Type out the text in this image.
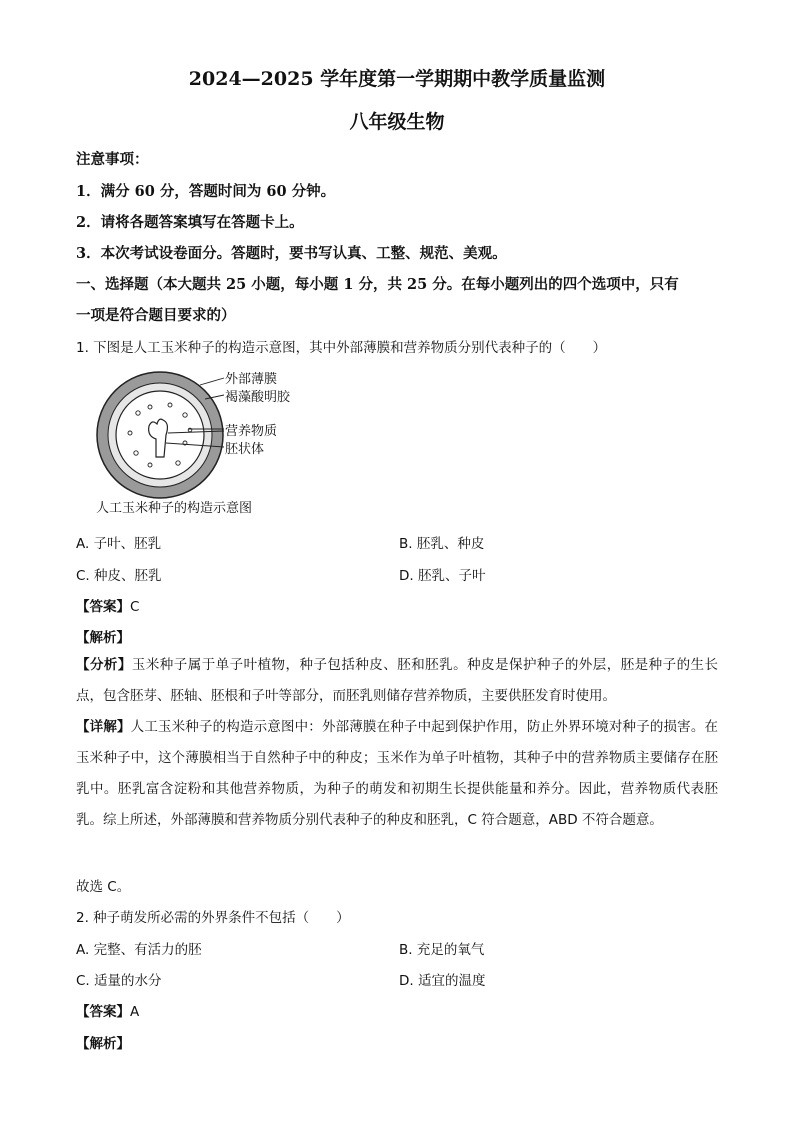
2024—2025 学年度第一学期期中教学质量监测
八年级生物
注意事项：
1．满分 60 分，答题时间为 60 分钟。
2．请将各题答案填写在答题卡上。
3．本次考试设卷面分。答题时，要书写认真、工整、规范、美观。
一、选择题（本大题共 25 小题，每小题 1 分，共 25 分。在每小题列出的四个选项中，只有
一项是符合题目要求的）
1. 下图是人工玉米种子的构造示意图，其中外部薄膜和营养物质分别代表种子的（　　）
外部薄膜
褐藻酸明胶
营养物质
胚状体
人工玉米种子的构造示意图
A. 子叶、胚乳	B. 胚乳、种皮
C. 种皮、胚乳	D. 胚乳、子叶
【答案】C
【解析】
【分析】玉米种子属于单子叶植物，种子包括种皮、胚和胚乳。种皮是保护种子的外层，胚是种子的生长点，包含胚芽、胚轴、胚根和子叶等部分，而胚乳则储存营养物质，主要供胚发育时使用。
【详解】人工玉米种子的构造示意图中：外部薄膜在种子中起到保护作用，防止外界环境对种子的损害。在玉米种子中，这个薄膜相当于自然种子中的种皮；玉米作为单子叶植物，其种子中的营养物质主要储存在胚乳中。胚乳富含淀粉和其他营养物质，为种子的萌发和初期生长提供能量和养分。因此，营养物质代表胚乳。综上所述，外部薄膜和营养物质分别代表种子的种皮和胚乳，C 符合题意，ABD 不符合题意。
故选 C。
2. 种子萌发所必需的外界条件不包括（　　）
A. 完整、有活力的胚	B. 充足的氧气
C. 适量的水分	D. 适宜的温度
【答案】A
【解析】
